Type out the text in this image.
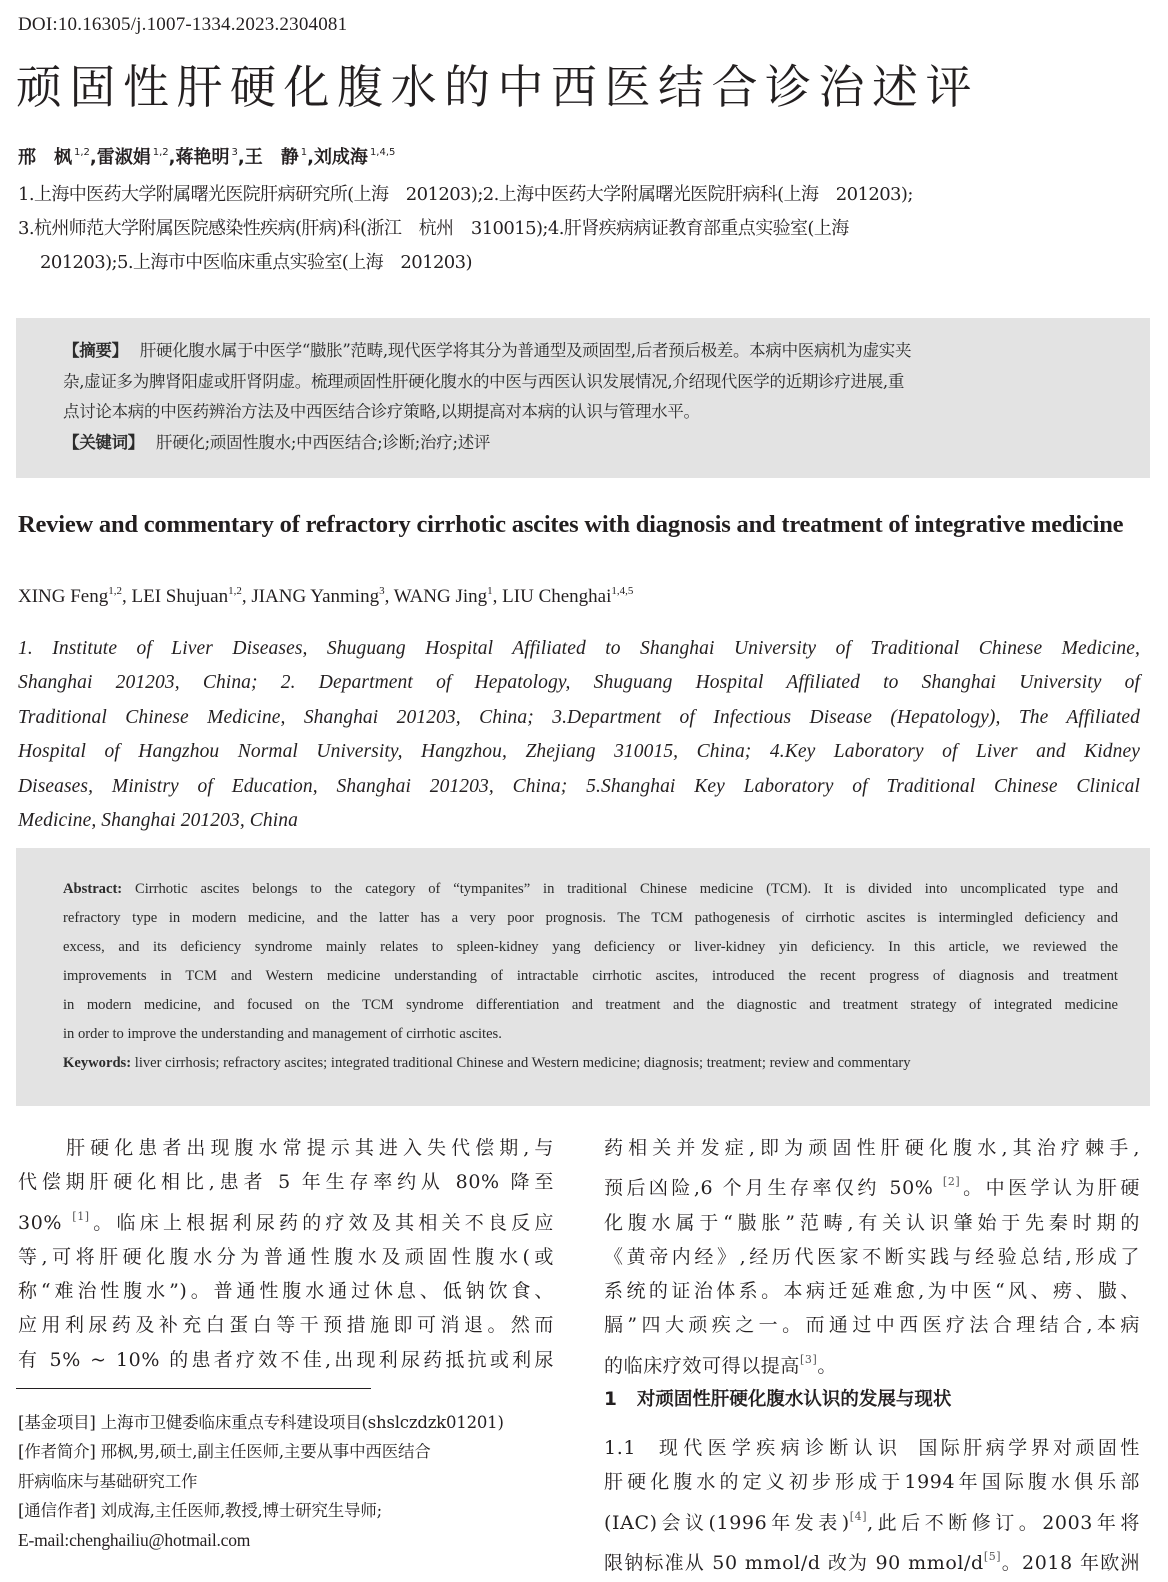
DOI:10.16305/j.1007-1334.2023.2304081
顽固性肝硬化腹水的中西医结合诊治述评
邢　枫 $^{1,2}$,雷淑娟 $^{1,2}$,蒋艳明 $^3$,王　静 $^1$,刘成海 $^{1,4,5}$
1.上海中医药大学附属曙光医院肝病研究所(上海　201203);2.上海中医药大学附属曙光医院肝病科(上海　201203);
3.杭州师范大学附属医院感染性疾病(肝病)科(浙江　杭州　310015);4.肝肾疾病病证教育部重点实验室(上海
201203);5.上海市中医临床重点实验室(上海　201203)
【摘要】 肝硬化腹水属于中医学“臌胀”范畴,现代医学将其分为普通型及顽固型,后者预后极差。本病中医病机为虚实夹
杂,虚证多为脾肾阳虚或肝肾阴虚。梳理顽固性肝硬化腹水的中医与西医认识发展情况,介绍现代医学的近期诊疗进展,重
点讨论本病的中医药辨治方法及中西医结合诊疗策略,以期提高对本病的认识与管理水平。
【关键词】 肝硬化;顽固性腹水;中西医结合;诊断;治疗;述评
Review and commentary of refractory cirrhotic ascites with diagnosis and treatment of integrative medicine
XING Feng$^{1,2}$, LEI Shujuan$^{1,2}$, JIANG Yanming$^3$, WANG Jing$^1$, LIU Chenghai$^{1,4,5}$
1. Institute of Liver Diseases, Shuguang Hospital Affiliated to Shanghai University of Traditional Chinese Medicine,
Shanghai 201203, China; 2. Department of Hepatology, Shuguang Hospital Affiliated to Shanghai University of
Traditional Chinese Medicine, Shanghai 201203, China; 3.Department of Infectious Disease (Hepatology), The Affiliated
Hospital of Hangzhou Normal University, Hangzhou, Zhejiang 310015, China; 4.Key Laboratory of Liver and Kidney
Diseases, Ministry of Education, Shanghai 201203, China; 5.Shanghai Key Laboratory of Traditional Chinese Clinical
Medicine, Shanghai 201203, China
Abstract: Cirrhotic ascites belongs to the category of “tympanites” in traditional Chinese medicine (TCM). It is divided into uncomplicated type and
refractory type in modern medicine, and the latter has a very poor prognosis. The TCM pathogenesis of cirrhotic ascites is intermingled deficiency and
excess, and its deficiency syndrome mainly relates to spleen-kidney yang deficiency or liver-kidney yin deficiency. In this article, we reviewed the
improvements in TCM and Western medicine understanding of intractable cirrhotic ascites, introduced the recent progress of diagnosis and treatment
in modern medicine, and focused on the TCM syndrome differentiation and treatment and the diagnostic and treatment strategy of integrated medicine
in order to improve the understanding and management of cirrhotic ascites.
Keywords: liver cirrhosis; refractory ascites; integrated traditional Chinese and Western medicine; diagnosis; treatment; review and commentary
　　肝硬化患者出现腹水常提示其进入失代偿期,与
代偿期肝硬化相比,患者 5 年生存率约从 80% 降至
30% [1]。临床上根据利尿药的疗效及其相关不良反应
等,可将肝硬化腹水分为普通性腹水及顽固性腹水(或
称“难治性腹水”)。普通性腹水通过休息、低钠饮食、
应用利尿药及补充白蛋白等干预措施即可消退。然而
有 5% ~ 10% 的患者疗效不佳,出现利尿药抵抗或利尿
[基金项目] 上海市卫健委临床重点专科建设项目(shslczdzk01201)
[作者简介] 邢枫,男,硕士,副主任医师,主要从事中西医结合
肝病临床与基础研究工作
[通信作者] 刘成海,主任医师,教授,博士研究生导师;
E-mail:chenghailiu@hotmail.com
药相关并发症,即为顽固性肝硬化腹水,其治疗棘手,
预后凶险,6 个月生存率仅约 50% [2]。中医学认为肝硬
化腹水属于“臌胀”范畴,有关认识肇始于先秦时期的
《黄帝内经》,经历代医家不断实践与经验总结,形成了
系统的证治体系。本病迁延难愈,为中医“风、痨、臌、
膈”四大顽疾之一。而通过中西医疗法合理结合,本病
的临床疗效可得以提高[3]。
1 对顽固性肝硬化腹水认识的发展与现状
1.1 现代医学疾病诊断认识 国际肝病学界对顽固性
肝硬化腹水的定义初步形成于1994年国际腹水俱乐部
(IAC)会议(1996年发表)[4],此后不断修订。2003年将
限钠标准从 50 mmol/d 改为 90 mmol/d[5]。2018 年欧洲
